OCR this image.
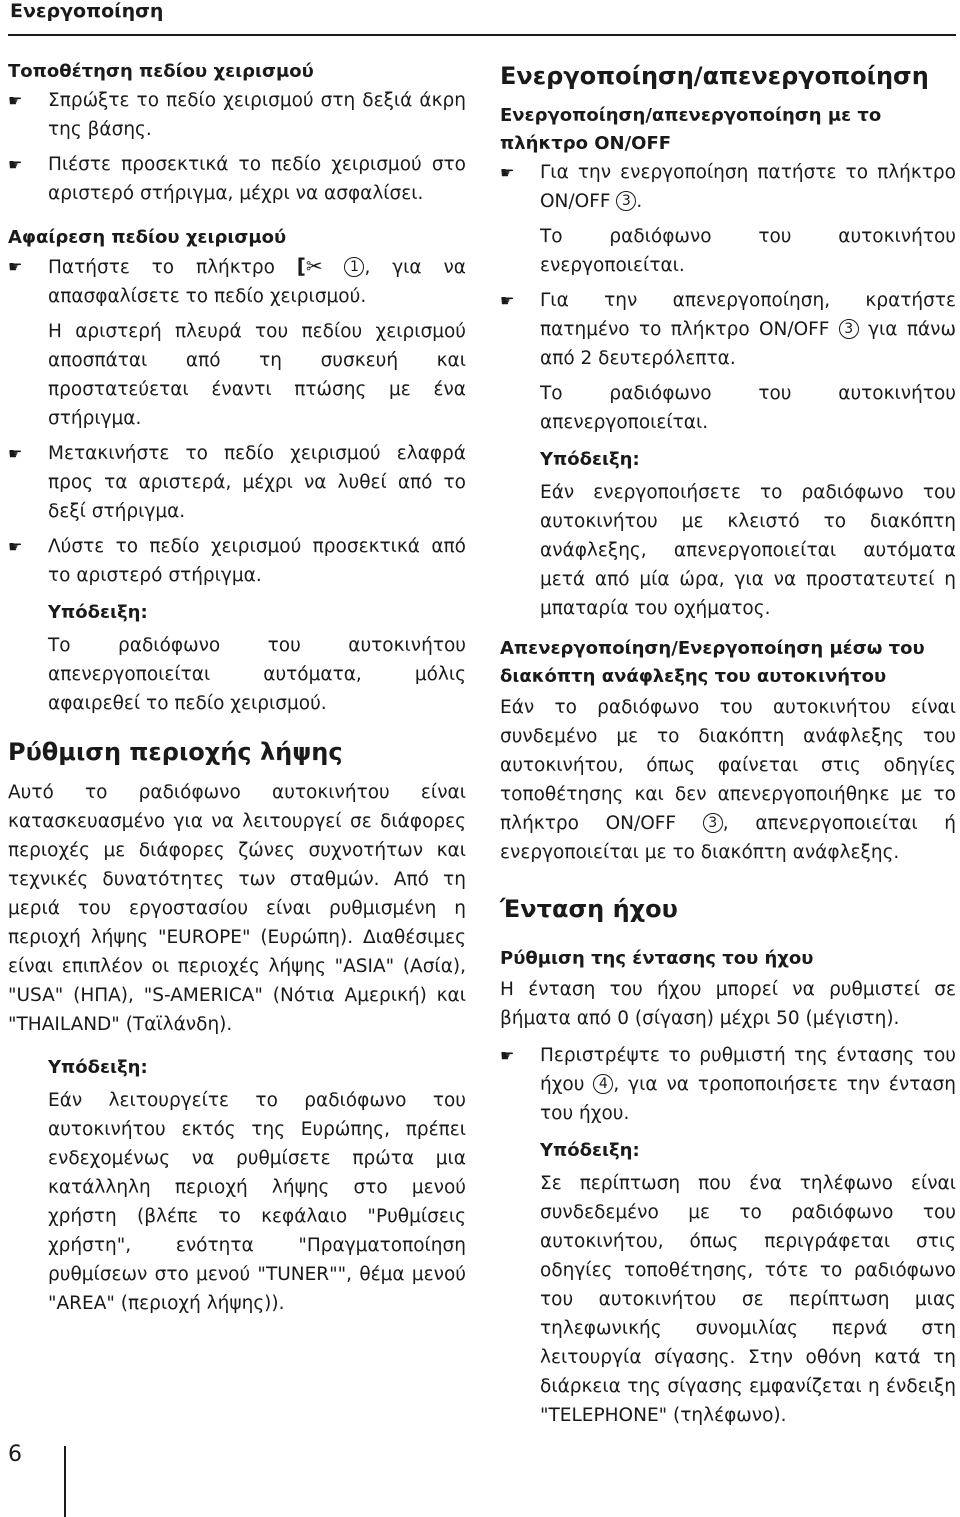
Ενεργοποίηση
Τοποθέτηση πεδίου χειρισμού
☛	Σπρώξτε το πεδίο χειρισμού στη δεξιά άκρη της βάσης.

☛	Πιέστε προσεκτικά το πεδίο χειρισμού στο αριστερό στήριγμα, μέχρι να ασφαλίσει.

Αφαίρεση πεδίου χειρισμού
☛	Πατήστε το πλήκτρο [✂ 1 , για να απασφαλίσετε το πεδίο χειρισμού.

Η αριστερή πλευρά του πεδίου χειρισμού αποσπάται από τη συσκευή και προστατεύεται έναντι πτώσης με ένα στήριγμα.

☛	Μετακινήστε το πεδίο χειρισμού ελαφρά προς τα αριστερά, μέχρι να λυθεί από το δεξί στήριγμα.

☛	Λύστε το πεδίο χειρισμού προσεκτικά από το αριστερό στήριγμα.

Υπόδειξη:

Το ραδιόφωνο του αυτοκινήτου απενεργοποιείται αυτόματα, μόλις αφαιρεθεί το πεδίο χειρισμού.

Ρύθμιση περιοχής λήψης

Αυτό το ραδιόφωνο αυτοκινήτου είναι κατασκευασμένο για να λειτουργεί σε διάφορες περιοχές με διάφορες ζώνες συχνοτήτων και τεχνικές δυνατότητες των σταθμών. Από τη μεριά του εργοστασίου είναι ρυθμισμένη η περιοχή λήψης "EUROPE" (Ευρώπη). Διαθέσιμες είναι επιπλέον οι περιοχές λήψης "ASIA" (Ασία), "USA" (ΗΠΑ), "S-AMERICA" (Νότια Αμερική) και "THAILAND" (Ταϊλάνδη).

Υπόδειξη:

Εάν λειτουργείτε το ραδιόφωνο του αυτοκινήτου εκτός της Ευρώπης, πρέπει ενδεχομένως να ρυθμίσετε πρώτα μια κατάλληλη περιοχή λήψης στο μενού χρήστη (βλέπε το κεφάλαιο "Ρυθμίσεις χρήστη", ενότητα "Πραγματοποίηση ρυθμίσεων στο μενού "TUNER"", θέμα μενού "AREA" (περιοχή λήψης)).

Ενεργοποίηση/απενεργοποίηση
Ενεργοποίηση/απενεργοποίηση με το πλήκτρο ON/OFF
☛	Για την ενεργοποίηση πατήστε το πλήκτρο ON/OFF 3 .

Το ραδιόφωνο του αυτοκινήτου ενεργοποιείται.

☛	Για την απενεργοποίηση, κρατήστε πατημένο το πλήκτρο ON/OFF 3 για πάνω από 2 δευτερόλεπτα.

Το ραδιόφωνο του αυτοκινήτου απενεργοποιείται.

Υπόδειξη:

Εάν ενεργοποιήσετε το ραδιόφωνο του αυτοκινήτου με κλειστό το διακόπτη ανάφλεξης, απενεργοποιείται αυτόματα μετά από μία ώρα, για να προστατευτεί η μπαταρία του οχήματος.

Απενεργοποίηση/Ενεργοποίηση μέσω του διακόπτη ανάφλεξης του αυτοκινήτου

Εάν το ραδιόφωνο του αυτοκινήτου είναι συνδεμένο με το διακόπτη ανάφλεξης του αυτοκινήτου, όπως φαίνεται στις οδηγίες τοποθέτησης και δεν απενεργοποιήθηκε με το πλήκτρο ON/OFF 3 , απενεργοποιείται ή ενεργοποιείται με το διακόπτη ανάφλεξης.

Ένταση ήχου
Ρύθμιση της έντασης του ήχου

Η ένταση του ήχου μπορεί να ρυθμιστεί σε βήματα από 0 (σίγαση) μέχρι 50 (μέγιστη).

☛	Περιστρέψτε το ρυθμιστή της έντασης του ήχου 4 , για να τροποποιήσετε την ένταση του ήχου.

Υπόδειξη:

Σε περίπτωση που ένα τηλέφωνο είναι συνδεδεμένο με το ραδιόφωνο του αυτοκινήτου, όπως περιγράφεται στις οδηγίες τοποθέτησης, τότε το ραδιόφωνο του αυτοκινήτου σε περίπτωση μιας τηλεφωνικής συνομιλίας περνά στη λειτουργία σίγασης. Στην οθόνη κατά τη διάρκεια της σίγασης εμφανίζεται η ένδειξη "TELEPHONE" (τηλέφωνο).

6
